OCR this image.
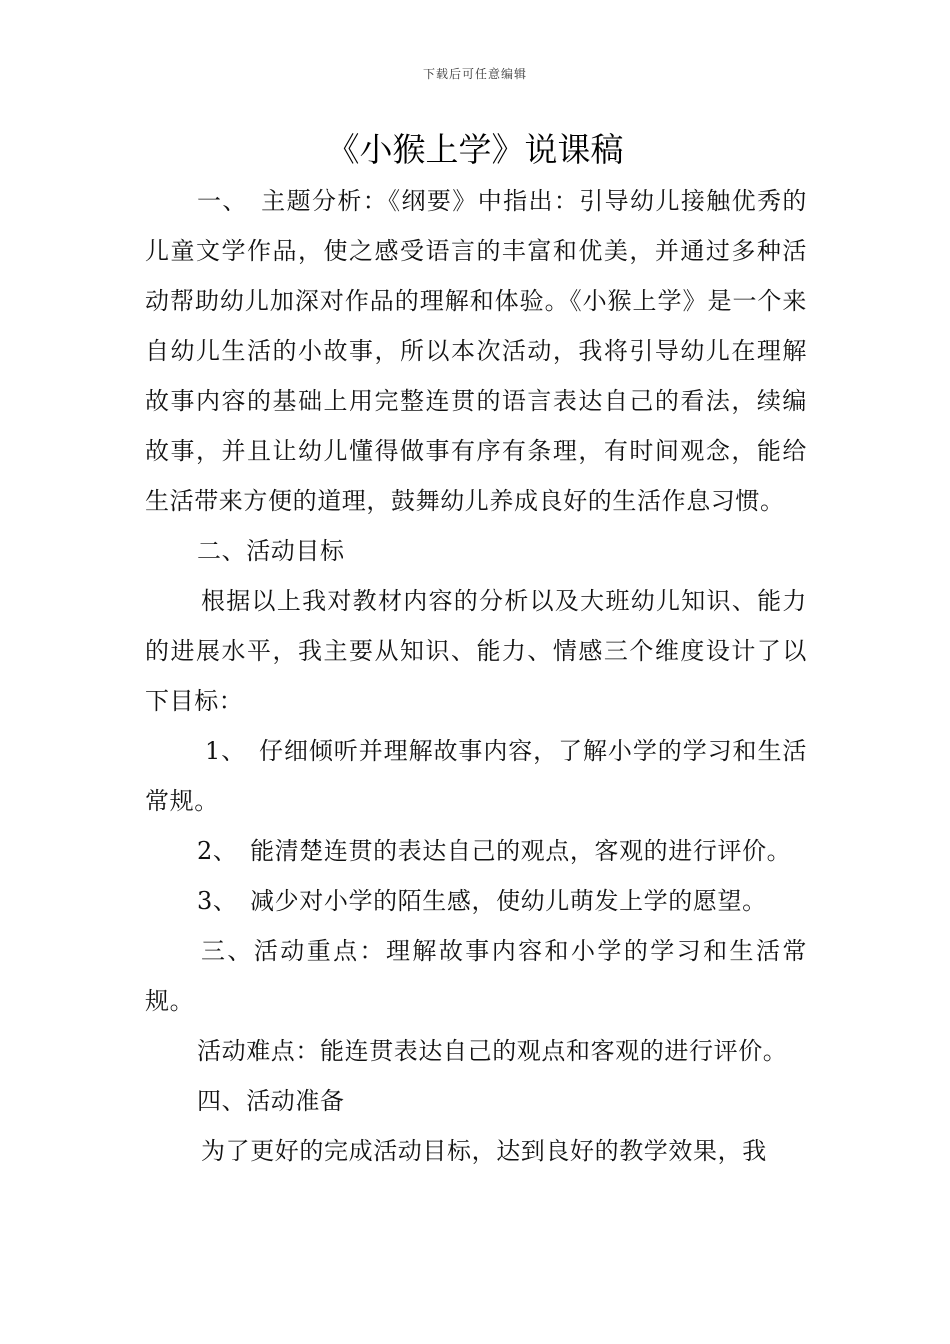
下载后可任意编辑
《小猴上学》说课稿

一、　主题分析：《纲要》中指出：引导幼儿接触优秀的儿童文学作品，使之感受语言的丰富和优美，并通过多种活动帮助幼儿加深对作品的理解和体验。《小猴上学》是一个来自幼儿生活的小故事，所以本次活动，我将引导幼儿在理解故事内容的基础上用完整连贯的语言表达自己的看法，续编故事，并且让幼儿懂得做事有序有条理，有时间观念，能给生活带来方便的道理，鼓舞幼儿养成良好的生活作息习惯。

二、活动目标

根据以上我对教材内容的分析以及大班幼儿知识、能力的进展水平，我主要从知识、能力、情感三个维度设计了以下目标：

1、　仔细倾听并理解故事内容，了解小学的学习和生活常规。

2、　能清楚连贯的表达自己的观点，客观的进行评价。

3、　减少对小学的陌生感，使幼儿萌发上学的愿望。

三、活动重点：理解故事内容和小学的学习和生活常规。

活动难点：能连贯表达自己的观点和客观的进行评价。

四、活动准备

为了更好的完成活动目标，达到良好的教学效果，我
